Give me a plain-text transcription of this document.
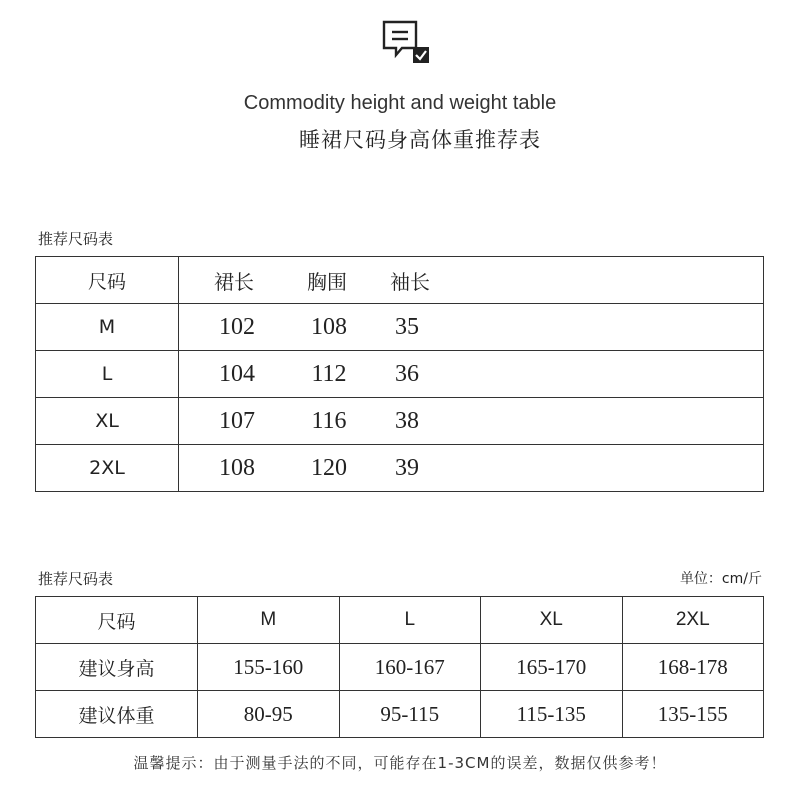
Commodity height and weight table
睡裙尺码身高体重推荐表
推荐尺码表
尺码	裙长 胸围 袖长

M	102 108 35

L	104 112 36

XL	107 116 38

2XL	108 120 39
推荐尺码表	单位：cm/斤
尺码	M	L	XL	2XL
建议身高	155-160	160-167	165-170	168-178
建议体重	80-95	95-115	115-135	135-155
温馨提示：由于测量手法的不同，可能存在1-3CM的误差，数据仅供参考！
